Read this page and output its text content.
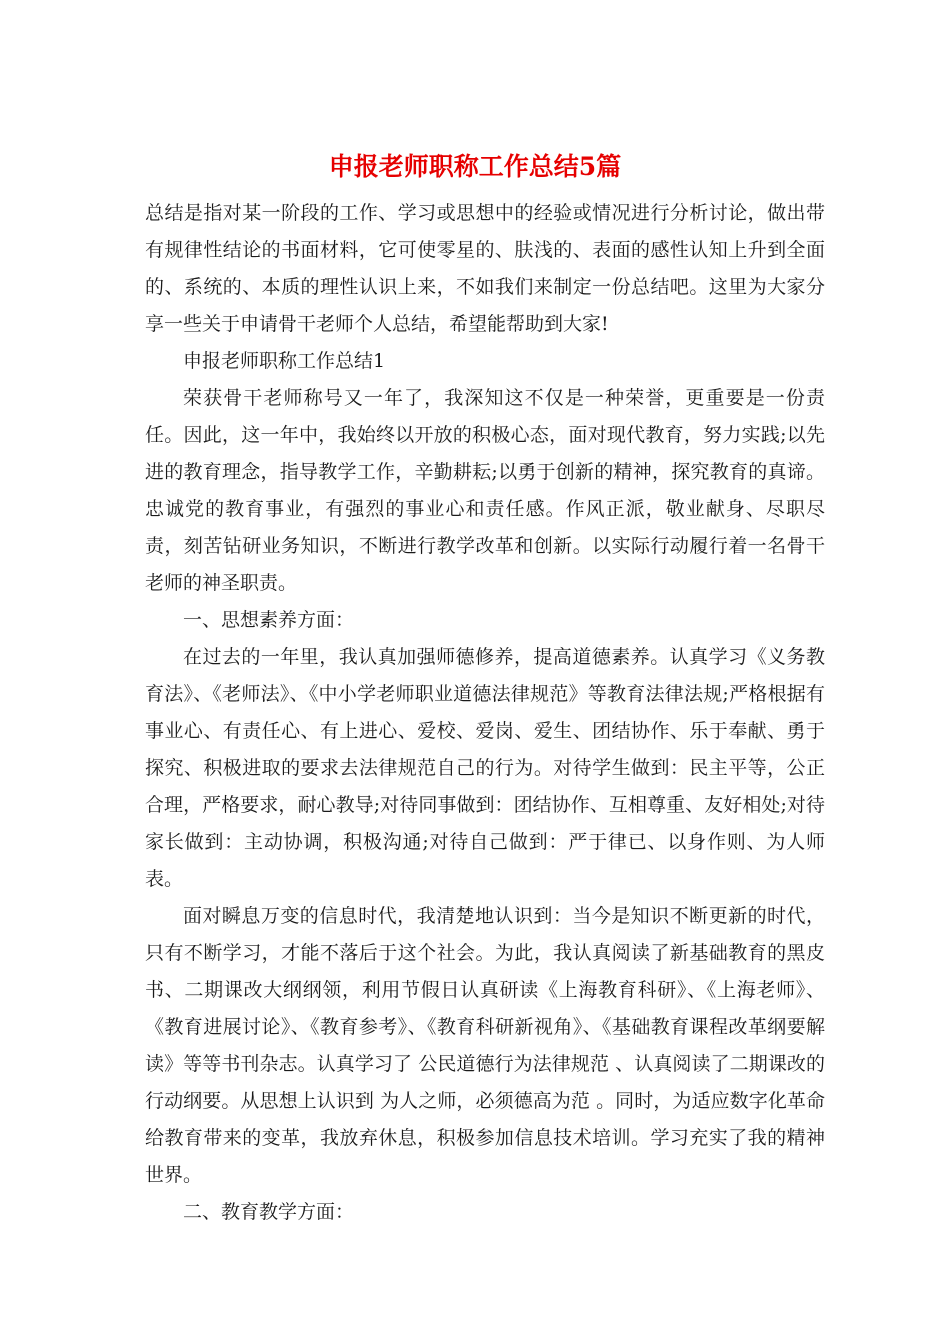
申报老师职称工作总结5篇

总结是指对某一阶段的工作、学习或思想中的经验或情况进行分析讨论，做出带有规律性结论的书面材料，它可使零星的、肤浅的、表面的感性认知上升到全面的、系统的、本质的理性认识上来，不如我们来制定一份总结吧。这里为大家分享一些关于申请骨干老师个人总结，希望能帮助到大家!

申报老师职称工作总结1

荣获骨干老师称号又一年了，我深知这不仅是一种荣誉，更重要是一份责任。因此，这一年中，我始终以开放的积极心态，面对现代教育，努力实践;以先进的教育理念，指导教学工作，辛勤耕耘;以勇于创新的精神，探究教育的真谛。忠诚党的教育事业，有强烈的事业心和责任感。作风正派，敬业献身、尽职尽责，刻苦钻研业务知识，不断进行教学改革和创新。以实际行动履行着一名骨干老师的神圣职责。

一、思想素养方面：

在过去的一年里，我认真加强师德修养，提高道德素养。认真学习《义务教育法》、《老师法》、《中小学老师职业道德法律规范》等教育法律法规;严格根据有事业心、有责任心、有上进心、爱校、爱岗、爱生、团结协作、乐于奉献、勇于探究、积极进取的要求去法律规范自己的行为。对待学生做到：民主平等，公正合理，严格要求，耐心教导;对待同事做到：团结协作、互相尊重、友好相处;对待家长做到：主动协调，积极沟通;对待自己做到：严于律已、以身作则、为人师表。

面对瞬息万变的信息时代，我清楚地认识到：当今是知识不断更新的时代，只有不断学习，才能不落后于这个社会。为此，我认真阅读了新基础教育的黑皮书、二期课改大纲纲领，利用节假日认真研读《上海教育科研》、《上海老师》、《教育进展讨论》、《教育参考》、《教育科研新视角》、《基础教育课程改革纲要解读》等等书刊杂志。认真学习了 公民道德行为法律规范 、认真阅读了二期课改的行动纲要。从思想上认识到 为人之师，必须德高为范 。同时，为适应数字化革命给教育带来的变革，我放弃休息，积极参加信息技术培训。学习充实了我的精神世界。

二、教育教学方面：
